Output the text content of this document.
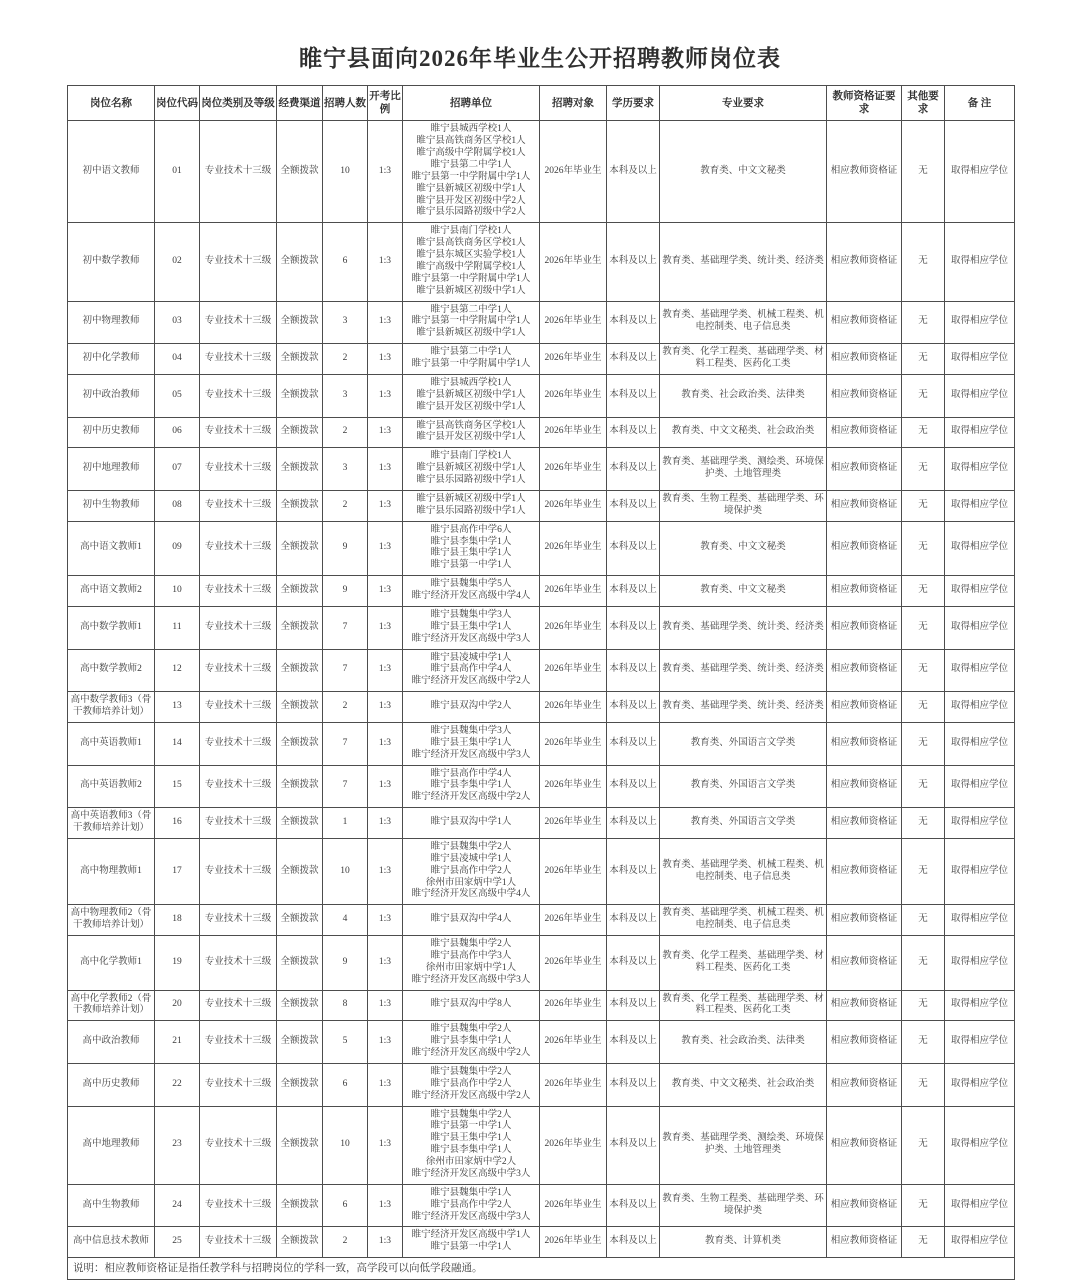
睢宁县面向2026年毕业生公开招聘教师岗位表
岗位名称	岗位代码	岗位类别及等级	经费渠道	招聘人数	开考比例	招聘单位	招聘对象	学历要求	专业要求	教师资格证要求	其他要求	备 注
初中语文教师	01	专业技术十三级	全额拨款	10	1:3	
睢宁县城西学校1人
睢宁县高铁商务区学校1人
睢宁高级中学附属学校1人
睢宁县第二中学1人
睢宁县第一中学附属中学1人
睢宁县新城区初级中学1人
睢宁县开发区初级中学2人
睢宁县乐园路初级中学2人
	2026年毕业生	本科及以上	教育类、中文文秘类	相应教师资格证	无	取得相应学位
初中数学教师	02	专业技术十三级	全额拨款	6	1:3	
睢宁县南门学校1人
睢宁县高铁商务区学校1人
睢宁县东城区实验学校1人
睢宁高级中学附属学校1人
睢宁县第一中学附属中学1人
睢宁县新城区初级中学1人
	2026年毕业生	本科及以上	教育类、基础理学类、统计类、经济类	相应教师资格证	无	取得相应学位
初中物理教师	03	专业技术十三级	全额拨款	3	1:3	睢宁县第二中学1人
睢宁县第一中学附属中学1人
睢宁县新城区初级中学1人	2026年毕业生	本科及以上	教育类、基础理学类、机械工程类、机电控制类、电子信息类	相应教师资格证	无	取得相应学位
初中化学教师	04	专业技术十三级	全额拨款	2	1:3	睢宁县第二中学1人
睢宁县第一中学附属中学1人	2026年毕业生	本科及以上	教育类、化学工程类、基础理学类、材料工程类、医药化工类	相应教师资格证	无	取得相应学位
初中政治教师	05	专业技术十三级	全额拨款	3	1:3	睢宁县城西学校1人
睢宁县新城区初级中学1人
睢宁县开发区初级中学1人	2026年毕业生	本科及以上	教育类、社会政治类、法律类	相应教师资格证	无	取得相应学位
初中历史教师	06	专业技术十三级	全额拨款	2	1:3	睢宁县高铁商务区学校1人
睢宁县开发区初级中学1人	2026年毕业生	本科及以上	教育类、中文文秘类、社会政治类	相应教师资格证	无	取得相应学位
初中地理教师	07	专业技术十三级	全额拨款	3	1:3	睢宁县南门学校1人
睢宁县新城区初级中学1人
睢宁县乐园路初级中学1人	2026年毕业生	本科及以上	教育类、基础理学类、测绘类、环境保护类、土地管理类	相应教师资格证	无	取得相应学位
初中生物教师	08	专业技术十三级	全额拨款	2	1:3	睢宁县新城区初级中学1人
睢宁县乐园路初级中学1人	2026年毕业生	本科及以上	教育类、生物工程类、基础理学类、环境保护类	相应教师资格证	无	取得相应学位
高中语文教师1	09	专业技术十三级	全额拨款	9	1:3	睢宁县高作中学6人
睢宁县李集中学1人
睢宁县王集中学1人
睢宁县第一中学1人	2026年毕业生	本科及以上	教育类、中文文秘类	相应教师资格证	无	取得相应学位
高中语文教师2	10	专业技术十三级	全额拨款	9	1:3	睢宁县魏集中学5人
睢宁经济开发区高级中学4人	2026年毕业生	本科及以上	教育类、中文文秘类	相应教师资格证	无	取得相应学位
高中数学教师1	11	专业技术十三级	全额拨款	7	1:3	睢宁县魏集中学3人
睢宁县王集中学1人
睢宁经济开发区高级中学3人	2026年毕业生	本科及以上	教育类、基础理学类、统计类、经济类	相应教师资格证	无	取得相应学位
高中数学教师2	12	专业技术十三级	全额拨款	7	1:3	睢宁县凌城中学1人
睢宁县高作中学4人
睢宁经济开发区高级中学2人	2026年毕业生	本科及以上	教育类、基础理学类、统计类、经济类	相应教师资格证	无	取得相应学位
高中数学教师3（骨干教师培养计划）	13	专业技术十三级	全额拨款	2	1:3	睢宁县双沟中学2人	2026年毕业生	本科及以上	教育类、基础理学类、统计类、经济类	相应教师资格证	无	取得相应学位
高中英语教师1	14	专业技术十三级	全额拨款	7	1:3	睢宁县魏集中学3人
睢宁县王集中学1人
睢宁经济开发区高级中学3人	2026年毕业生	本科及以上	教育类、外国语言文学类	相应教师资格证	无	取得相应学位
高中英语教师2	15	专业技术十三级	全额拨款	7	1:3	睢宁县高作中学4人
睢宁县李集中学1人
睢宁经济开发区高级中学2人	2026年毕业生	本科及以上	教育类、外国语言文学类	相应教师资格证	无	取得相应学位
高中英语教师3（骨干教师培养计划）	16	专业技术十三级	全额拨款	1	1:3	睢宁县双沟中学1人	2026年毕业生	本科及以上	教育类、外国语言文学类	相应教师资格证	无	取得相应学位
高中物理教师1	17	专业技术十三级	全额拨款	10	1:3	睢宁县魏集中学2人
睢宁县凌城中学1人
睢宁县高作中学2人
徐州市田家炳中学1人
睢宁经济开发区高级中学4人	2026年毕业生	本科及以上	教育类、基础理学类、机械工程类、机电控制类、电子信息类	相应教师资格证	无	取得相应学位
高中物理教师2（骨干教师培养计划）	18	专业技术十三级	全额拨款	4	1:3	睢宁县双沟中学4人	2026年毕业生	本科及以上	教育类、基础理学类、机械工程类、机电控制类、电子信息类	相应教师资格证	无	取得相应学位
高中化学教师1	19	专业技术十三级	全额拨款	9	1:3	睢宁县魏集中学2人
睢宁县高作中学3人
徐州市田家炳中学1人
睢宁经济开发区高级中学3人	2026年毕业生	本科及以上	教育类、化学工程类、基础理学类、材料工程类、医药化工类	相应教师资格证	无	取得相应学位
高中化学教师2（骨干教师培养计划）	20	专业技术十三级	全额拨款	8	1:3	睢宁县双沟中学8人	2026年毕业生	本科及以上	教育类、化学工程类、基础理学类、材料工程类、医药化工类	相应教师资格证	无	取得相应学位
高中政治教师	21	专业技术十三级	全额拨款	5	1:3	睢宁县魏集中学2人
睢宁县李集中学1人
睢宁经济开发区高级中学2人	2026年毕业生	本科及以上	教育类、社会政治类、法律类	相应教师资格证	无	取得相应学位
高中历史教师	22	专业技术十三级	全额拨款	6	1:3	睢宁县魏集中学2人
睢宁县高作中学2人
睢宁经济开发区高级中学2人	2026年毕业生	本科及以上	教育类、中文文秘类、社会政治类	相应教师资格证	无	取得相应学位
高中地理教师	23	专业技术十三级	全额拨款	10	1:3	
睢宁县魏集中学2人
睢宁县第一中学1人
睢宁县王集中学1人
睢宁县李集中学1人
徐州市田家炳中学2人
睢宁经济开发区高级中学3人
	2026年毕业生	本科及以上	教育类、基础理学类、测绘类、环境保护类、土地管理类	相应教师资格证	无	取得相应学位
高中生物教师	24	专业技术十三级	全额拨款	6	1:3	睢宁县魏集中学1人
睢宁县高作中学2人
睢宁经济开发区高级中学3人	2026年毕业生	本科及以上	教育类、生物工程类、基础理学类、环境保护类	相应教师资格证	无	取得相应学位
高中信息技术教师	25	专业技术十三级	全额拨款	2	1:3	睢宁经济开发区高级中学1人
睢宁县第一中学1人	2026年毕业生	本科及以上	教育类、计算机类	相应教师资格证	无	取得相应学位
说明：相应教师资格证是指任教学科与招聘岗位的学科一致，高学段可以向低学段融通。												
